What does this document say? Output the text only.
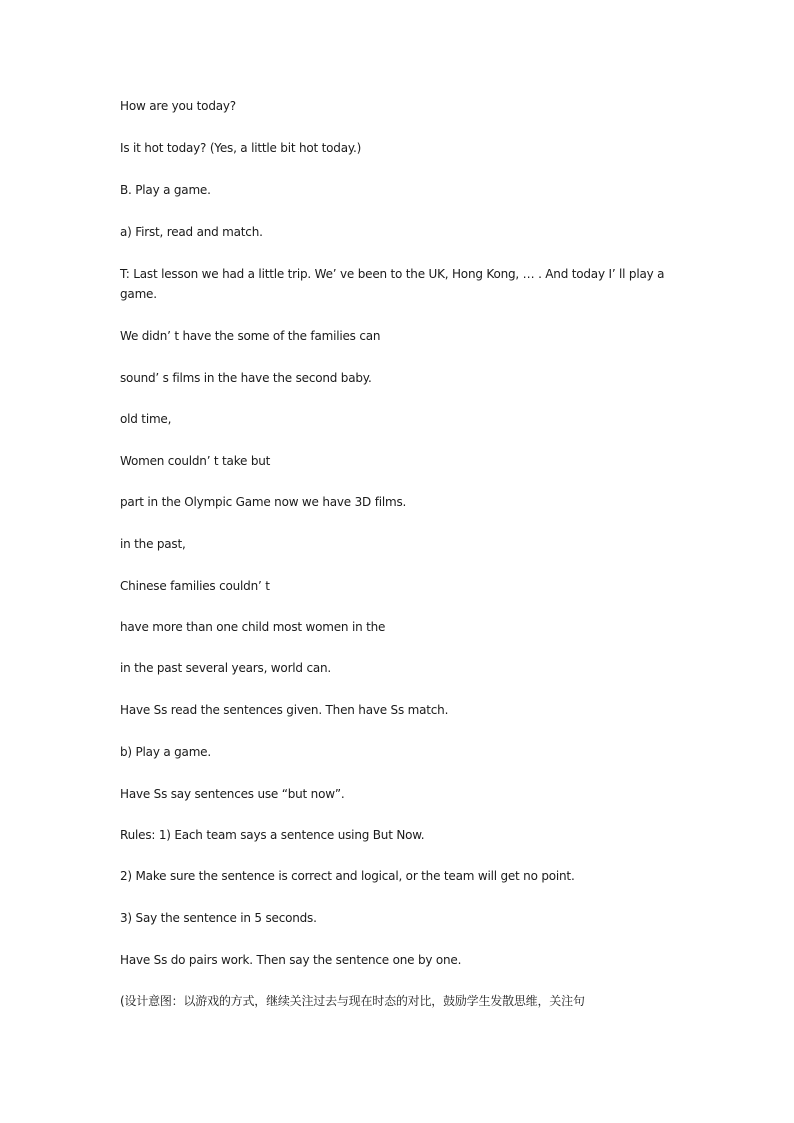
How are you today?
Is it hot today? (Yes, a little bit hot today.)
B. Play a game.
a) First, read and match.
T: Last lesson we had a little trip. We’ ve been to the UK, Hong Kong, … . And today I’ ll play a game.
We didn’ t have the some of the families can
sound’ s films in the have the second baby.
old time,
Women couldn’ t take but
part in the Olympic Game now we have 3D films.
in the past,
Chinese families couldn’ t
have more than one child most women in the
in the past several years, world can.
Have Ss read the sentences given. Then have Ss match.
b) Play a game.
Have Ss say sentences use “but now”.
Rules: 1) Each team says a sentence using But Now.
2) Make sure the sentence is correct and logical, or the team will get no point.
3) Say the sentence in 5 seconds.
Have Ss do pairs work. Then say the sentence one by one.
(设计意图：以游戏的方式，继续关注过去与现在时态的对比，鼓励学生发散思维，关注句
